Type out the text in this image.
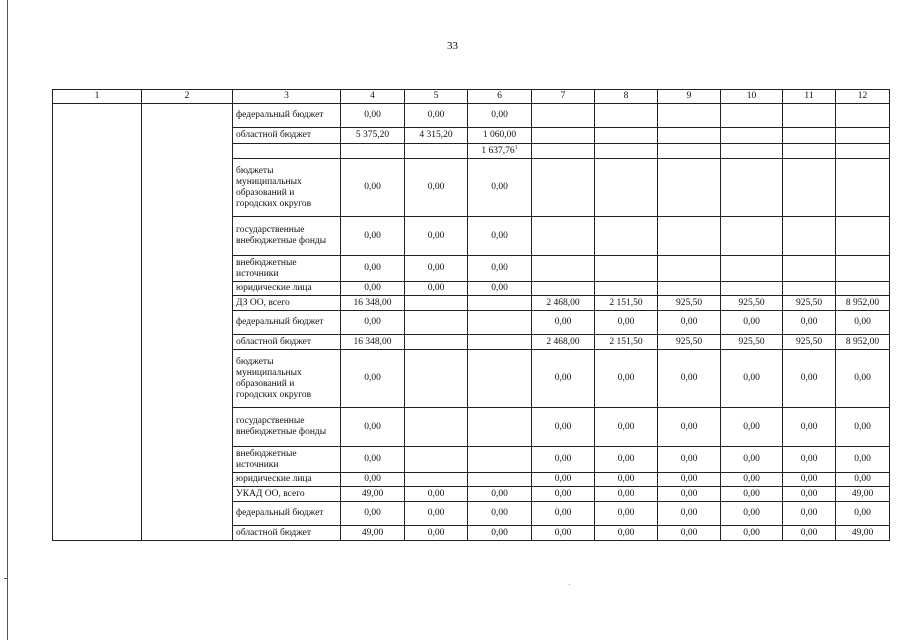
33
1	2	3	4	5	6	7	8	9	10	11	12
		федеральный бюджет	0,00	0,00	0,00						
		областной бюджет	5 375,20	4 315,20	1 060,00						
					1 637,76$^1$						
		бюджеты муниципальных образований и городских округов	0,00	0,00	0,00						
		государственные внебюджетные фонды	0,00	0,00	0,00						
		внебюджетные источники	0,00	0,00	0,00						
		юридические лица	0,00	0,00	0,00						
		ДЗ ОО, всего	16 348,00			2 468,00	2 151,50	925,50	925,50	925,50	8 952,00
		федеральный бюджет	0,00			0,00	0,00	0,00	0,00	0,00	0,00
		областной бюджет	16 348,00			2 468,00	2 151,50	925,50	925,50	925,50	8 952,00
		бюджеты муниципальных образований и городских округов	0,00			0,00	0,00	0,00	0,00	0,00	0,00
		государственные внебюджетные фонды	0,00			0,00	0,00	0,00	0,00	0,00	0,00
		внебюджетные источники	0,00			0,00	0,00	0,00	0,00	0,00	0,00
		юридические лица	0,00			0,00	0,00	0,00	0,00	0,00	0,00
		УКАД ОО, всего	49,00	0,00	0,00	0,00	0,00	0,00	0,00	0,00	49,00
		федеральный бюджет	0,00	0,00	0,00	0,00	0,00	0,00	0,00	0,00	0,00
		областной бюджет	49,00	0,00	0,00	0,00	0,00	0,00	0,00	0,00	49,00
